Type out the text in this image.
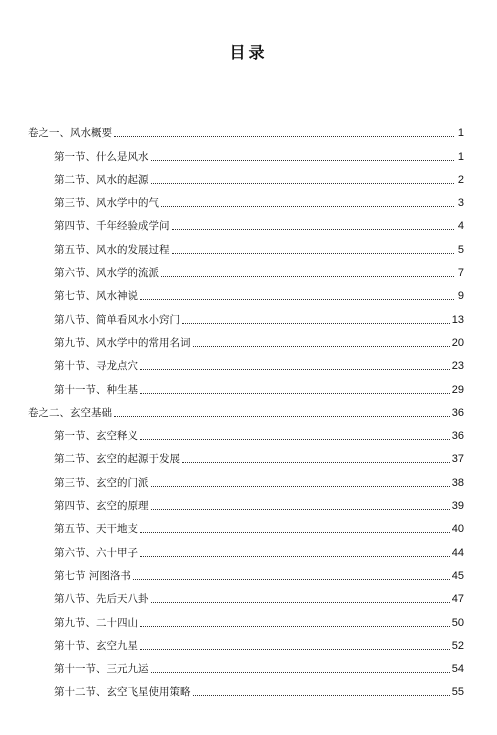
目录
卷之一、风水概要	1
第一节、什么是风水	1
第二节、风水的起源	2
第三节、风水学中的气	3
第四节、千年经验成学问	4
第五节、风水的发展过程	5
第六节、风水学的流派	7
第七节、风水神说	9
第八节、简单看风水小窍门	13
第九节、风水学中的常用名词	20
第十节、寻龙点穴	23
第十一节、种生基	29
卷之二、玄空基础	36
第一节、玄空释义	36
第二节、玄空的起源于发展	37
第三节、玄空的门派	38
第四节、玄空的原理	39
第五节、天干地支	40
第六节、六十甲子	44
第七节 河图洛书	45
第八节、先后天八卦	47
第九节、二十四山	50
第十节、玄空九星	52
第十一节、三元九运	54
第十二节、玄空飞星使用策略	55
